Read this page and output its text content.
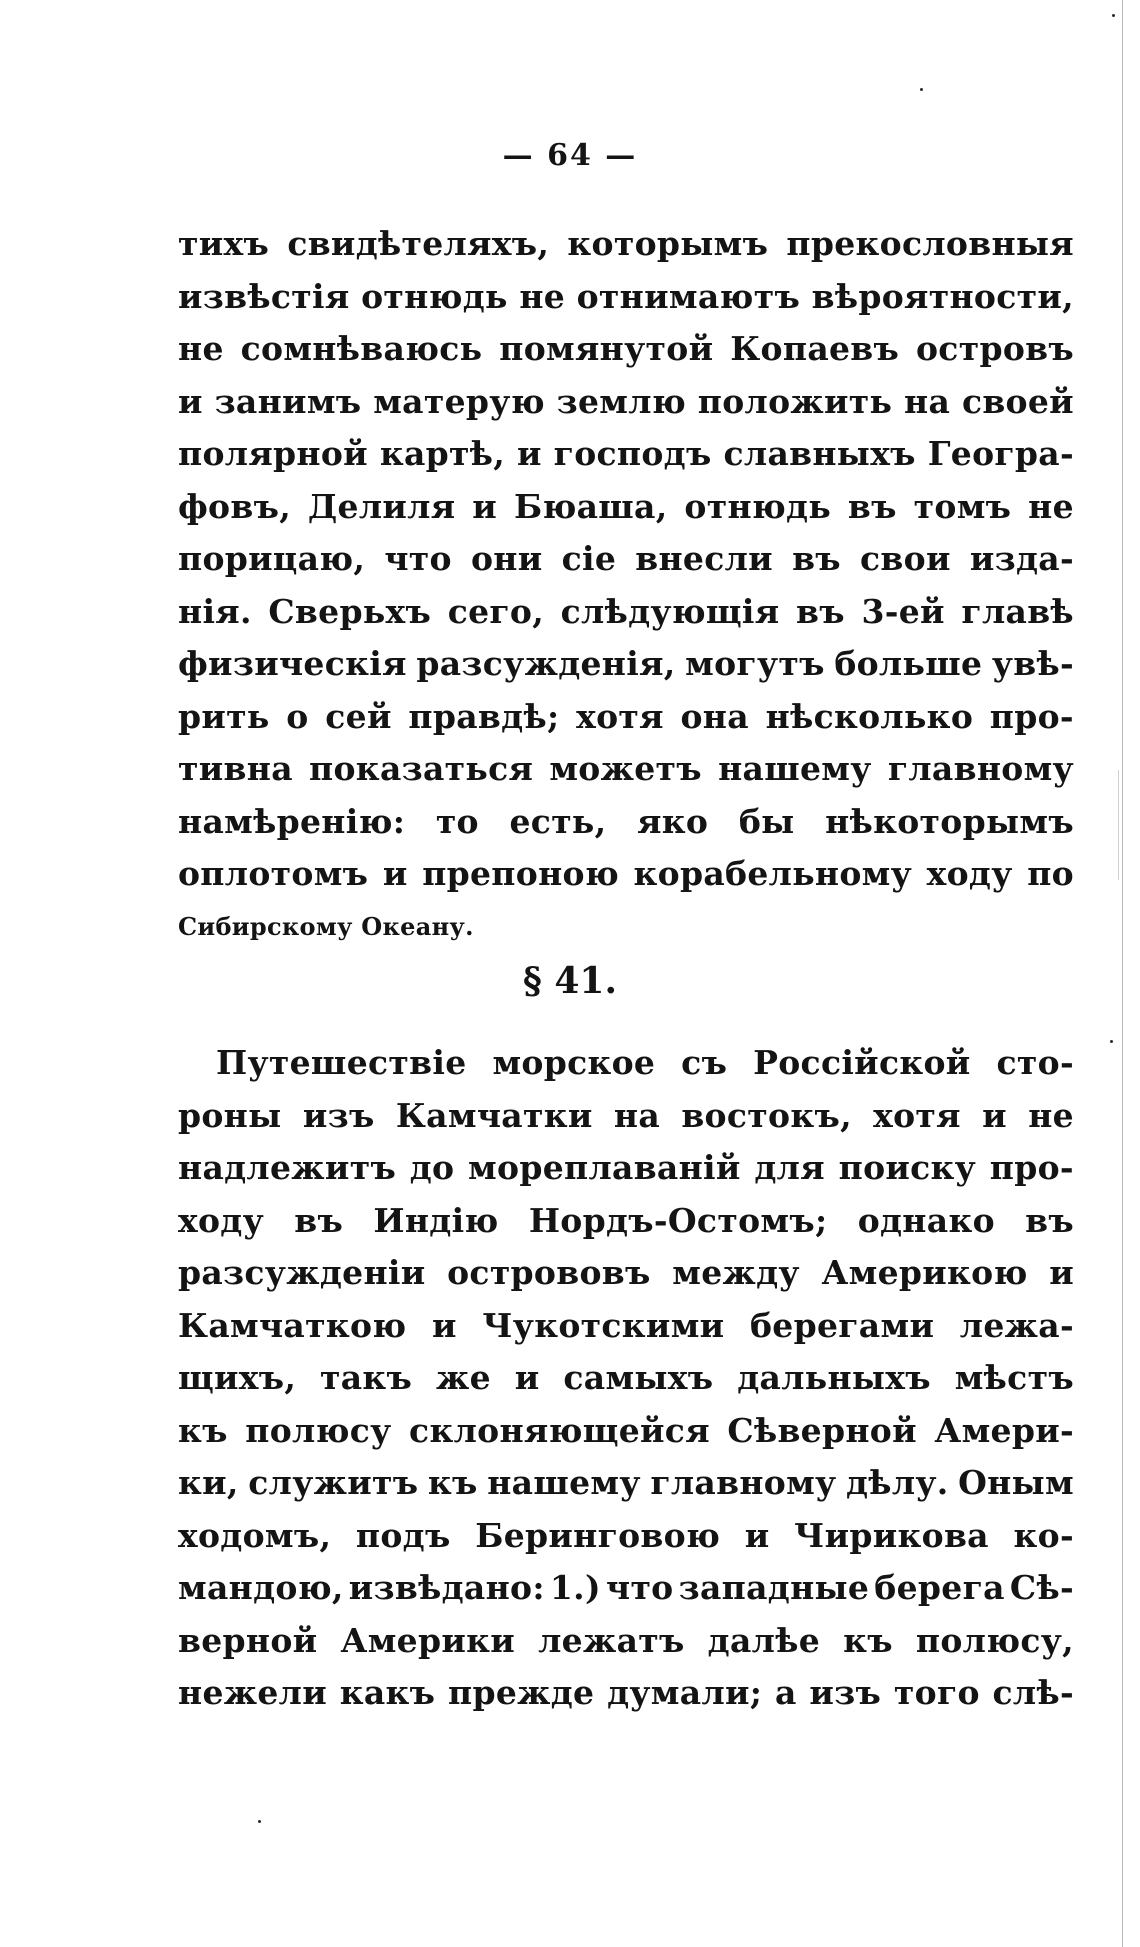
— 64 —
тихъ свидѣтеляхъ, которымъ прекословныя
извѣстія отнюдь не отнимаютъ вѣроятности,
не сомнѣваюсь помянутой Копаевъ островъ
и занимъ матерую землю положить на своей
полярной картѣ, и господъ славныхъ Геогра-
фовъ, Делиля и Бюаша, отнюдь въ томъ не
порицаю, что они сіе внесли въ свои изда-
нія. Сверьхъ сего, слѣдующія въ 3-ей главѣ
физическія разсужденія, могутъ больше увѣ-
рить о сей правдѣ; хотя она нѣсколько про-
тивна показаться можетъ нашему главному
намѣренію: то есть, яко бы нѣкоторымъ
оплотомъ и препоною корабельному ходу по
Сибирскому Океану.
§ 41.
Путешествіе морское съ Россійской сто-
роны изъ Камчатки на востокъ, хотя и не
надлежитъ до мореплаваній для поиску про-
ходу въ Индію Нордъ-Остомъ; однако въ
разсужденіи острововъ между Америкою и
Камчаткою и Чукотскими берегами лежа-
щихъ, такъ же и самыхъ дальныхъ мѣстъ
къ полюсу склоняющейся Сѣверной Амери-
ки, служитъ къ нашему главному дѣлу. Оным
ходомъ, подъ Беринговою и Чирикова ко-
мандою, извѣдано: 1.) что западные берега Сѣ-
верной Америки лежатъ далѣе къ полюсу,
нежели какъ прежде думали; а изъ того слѣ-
